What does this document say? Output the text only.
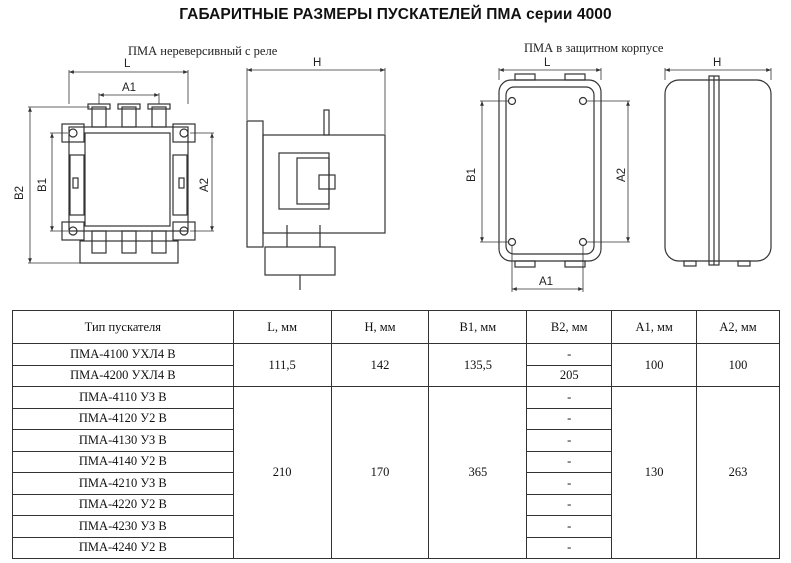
ГАБАРИТНЫЕ РАЗМЕРЫ ПУСКАТЕЛЕЙ ПМА серии 4000
ПМА нереверсивный с реле	ПМА в защитном корпусе
L
A1
B2
B1	A2
H	L
A1
B1	A2
H
Тип пускателя	L, мм	H, мм	B1, мм	B2, мм	A1, мм	A2, мм
ПМА-4100 УХЛ4 В	111,5	142	135,5	-	100	100
ПМА-4200 УХЛ4 В				205		
ПМА-4110 УЗ В	210	170	365	-	130	263
ПМА-4120 У2 В				-		
ПМА-4130 УЗ В				-		
ПМА-4140 У2 В				-		
ПМА-4210 УЗ В				-		
ПМА-4220 У2 В				-		
ПМА-4230 УЗ В				-		
ПМА-4240 У2 В				-		
